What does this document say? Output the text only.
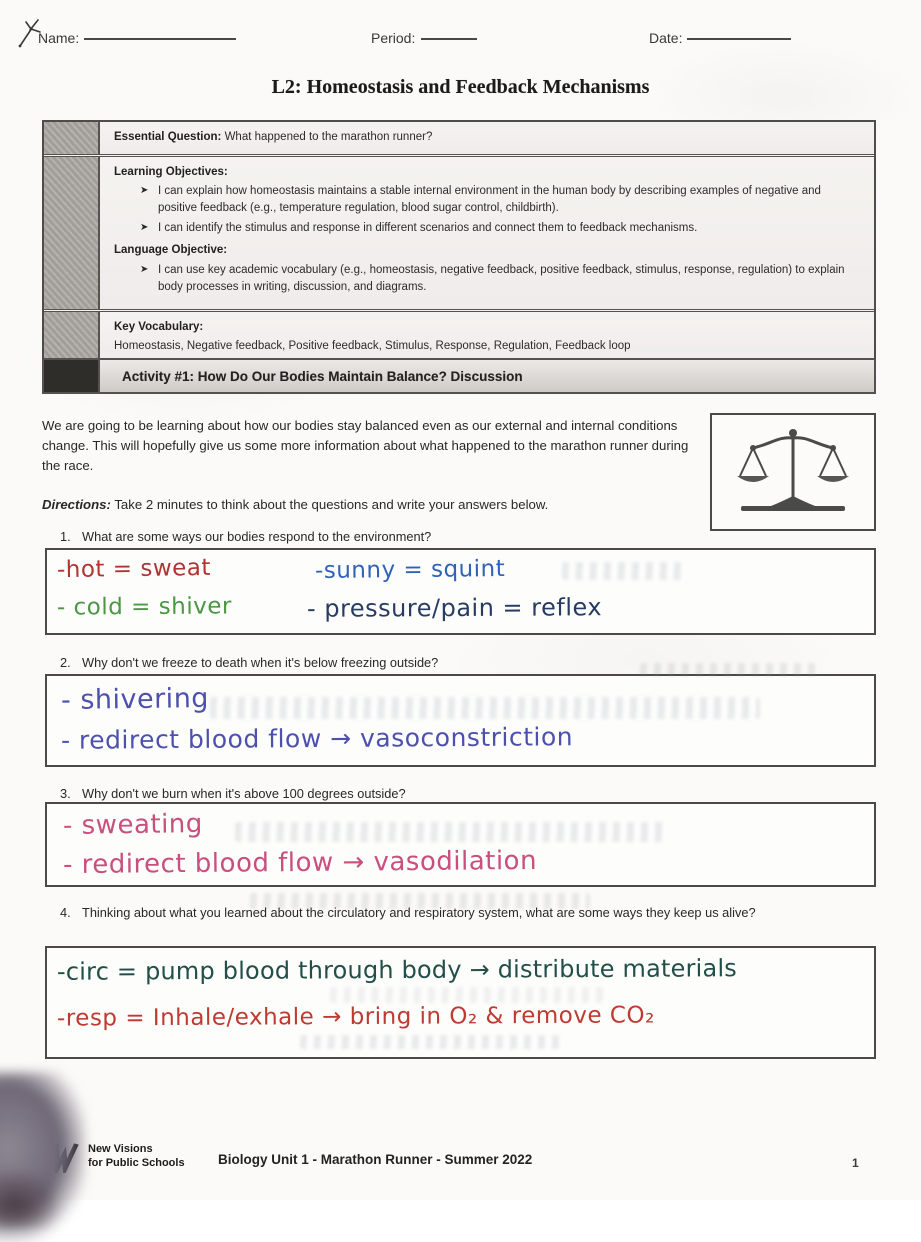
Name:	Period:	Date:
L2: Homeostasis and Feedback Mechanisms
Essential Question: What happened to the marathon runner?
Learning Objectives:
➤ I can explain how homeostasis maintains a stable internal environment in the human body by describing examples of negative and positive feedback (e.g., temperature regulation, blood sugar control, childbirth).
➤ I can identify the stimulus and response in different scenarios and connect them to feedback mechanisms.
Language Objective:
➤ I can use key academic vocabulary (e.g., homeostasis, negative feedback, positive feedback, stimulus, response, regulation) to explain body processes in writing, discussion, and diagrams.
Key Vocabulary:
Homeostasis, Negative feedback, Positive feedback, Stimulus, Response, Regulation, Feedback loop
Activity #1: How Do Our Bodies Maintain Balance? Discussion
We are going to be learning about how our bodies stay balanced even as our external and internal conditions change. This will hopefully give us some more information about what happened to the marathon runner during the race.
Directions: Take 2 minutes to think about the questions and write your answers below.
1. What are some ways our bodies respond to the environment?
-hot = sweat
- cold = shiver
-sunny = squint
- pressure/pain = reflex
2. Why don't we freeze to death when it's below freezing outside?
- shivering
- redirect blood flow → vasoconstriction
3. Why don't we burn when it's above 100 degrees outside?
- sweating
- redirect blood flow → vasodilation
4. Thinking about what you learned about the circulatory and respiratory system, what are some ways they keep us alive?
-circ = pump blood through body → distribute materials
-resp = Inhale/exhale → bring in O₂ & remove CO₂
New Visions
for Public Schools Biology Unit 1 - Marathon Runner - Summer 2022	1
